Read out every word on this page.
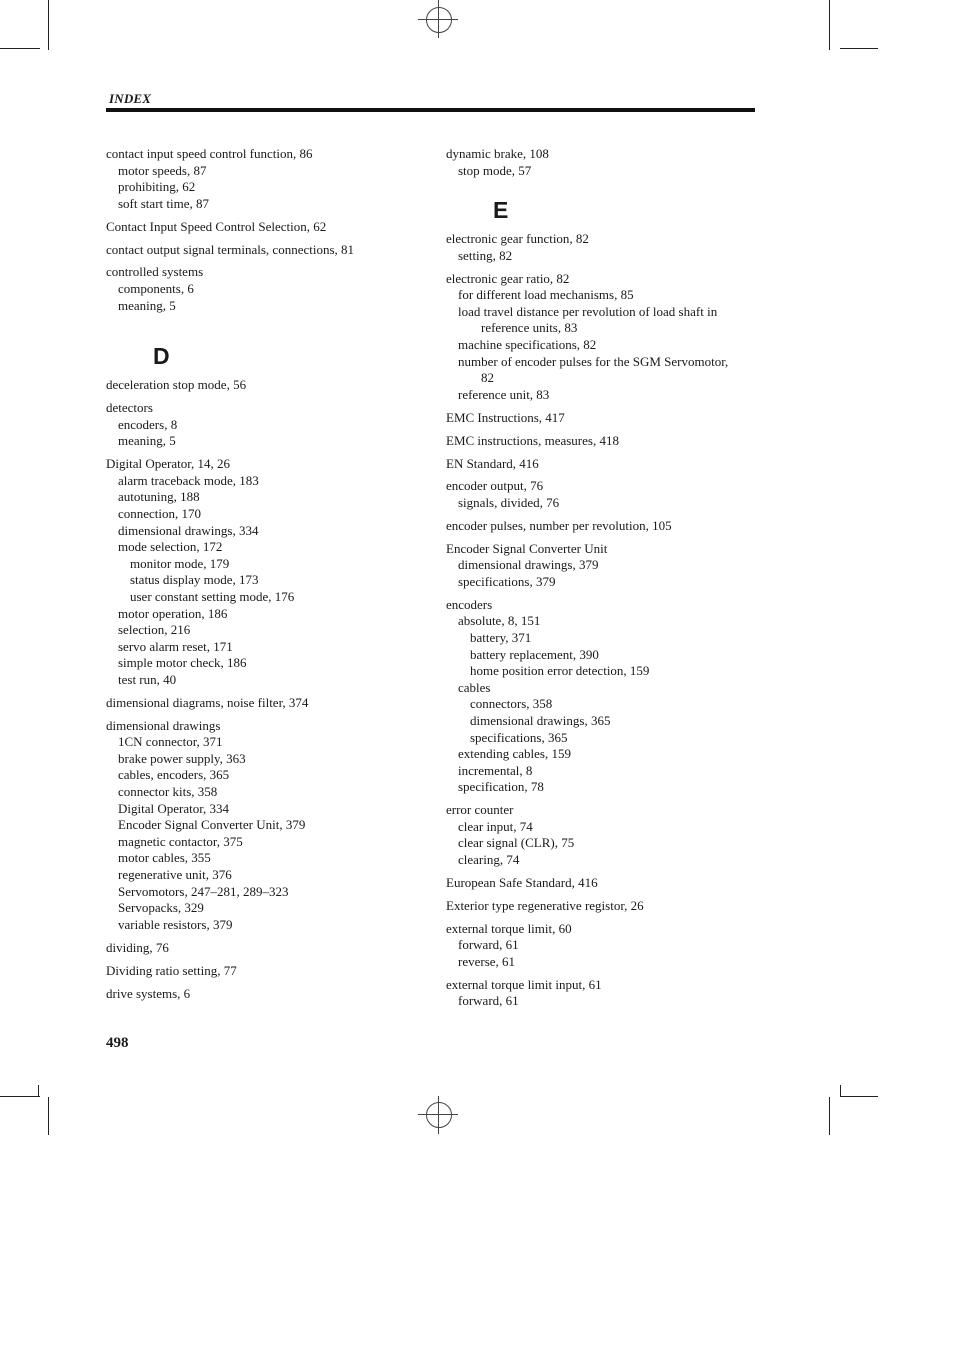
INDEX
contact input speed control function, 86
motor speeds, 87
prohibiting, 62
soft start time, 87
Contact Input Speed Control Selection, 62
contact output signal terminals, connections, 81
controlled systems
components, 6
meaning, 5
D
deceleration stop mode, 56
detectors
encoders, 8
meaning, 5
Digital Operator, 14, 26
alarm traceback mode, 183
autotuning, 188
connection, 170
dimensional drawings, 334
mode selection, 172
monitor mode, 179
status display mode, 173
user constant setting mode, 176
motor operation, 186
selection, 216
servo alarm reset, 171
simple motor check, 186
test run, 40
dimensional diagrams, noise filter, 374
dimensional drawings
1CN connector, 371
brake power supply, 363
cables, encoders, 365
connector kits, 358
Digital Operator, 334
Encoder Signal Converter Unit, 379
magnetic contactor, 375
motor cables, 355
regenerative unit, 376
Servomotors, 247–281, 289–323
Servopacks, 329
variable resistors, 379
dividing, 76
Dividing ratio setting, 77
drive systems, 6
dynamic brake, 108
stop mode, 57
E
electronic gear function, 82
setting, 82
electronic gear ratio, 82
for different load mechanisms, 85
load travel distance per revolution of load shaft in
reference units, 83
machine specifications, 82
number of encoder pulses for the SGM Servomotor,
82
reference unit, 83
EMC Instructions, 417
EMC instructions, measures, 418
EN Standard, 416
encoder output, 76
signals, divided, 76
encoder pulses, number per revolution, 105
Encoder Signal Converter Unit
dimensional drawings, 379
specifications, 379
encoders
absolute, 8, 151
battery, 371
battery replacement, 390
home position error detection, 159
cables
connectors, 358
dimensional drawings, 365
specifications, 365
extending cables, 159
incremental, 8
specification, 78
error counter
clear input, 74
clear signal (CLR), 75
clearing, 74
European Safe Standard, 416
Exterior type regenerative registor, 26
external torque limit, 60
forward, 61
reverse, 61
external torque limit input, 61
forward, 61
498
